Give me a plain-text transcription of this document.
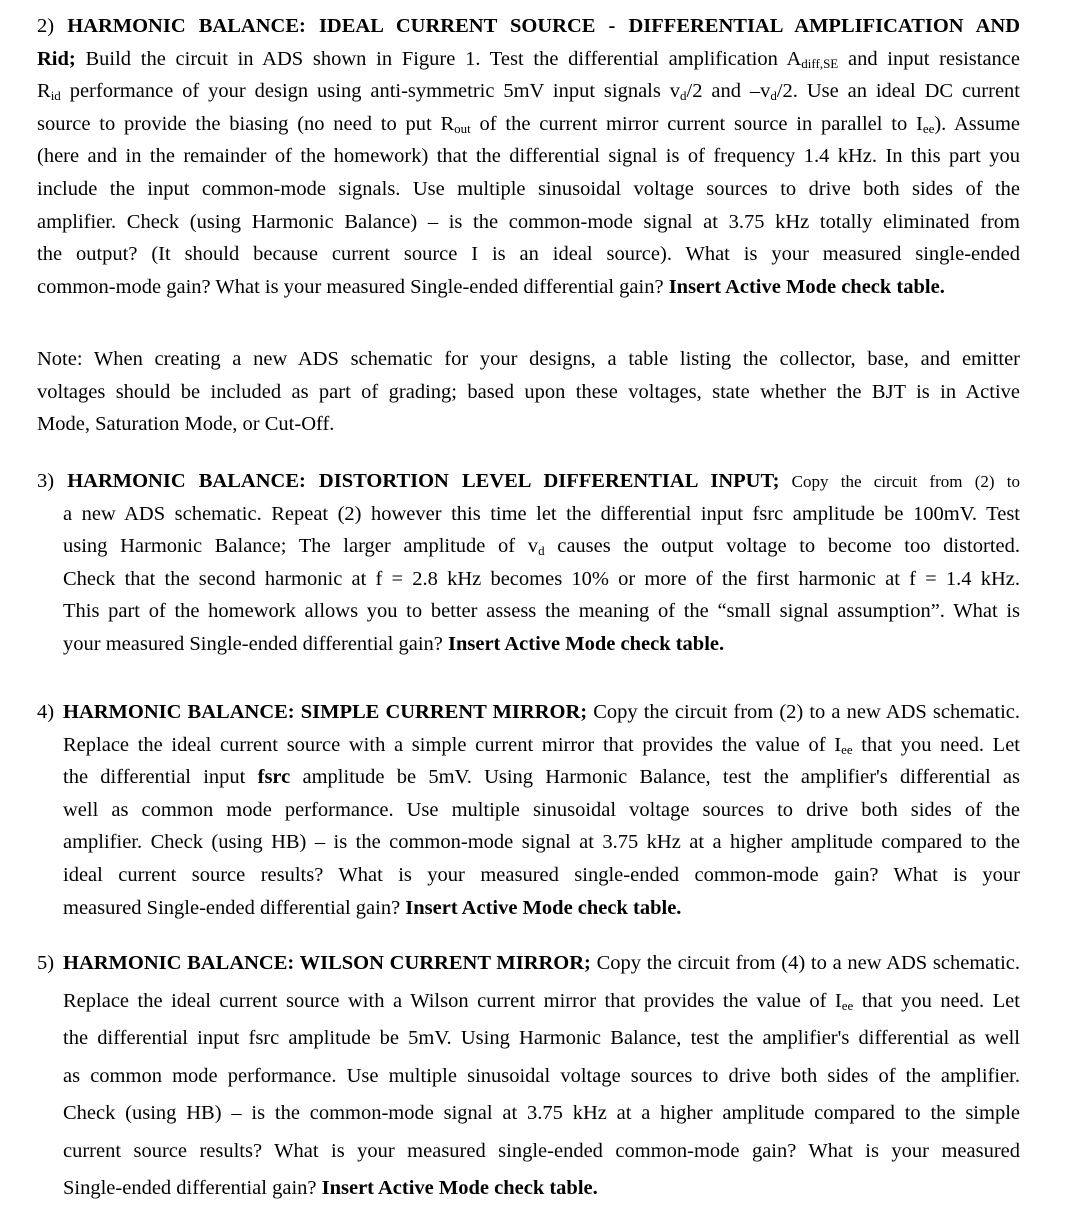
2) HARMONIC BALANCE: IDEAL CURRENT SOURCE - DIFFERENTIAL AMPLIFICATION AND
Rid; Build the circuit in ADS shown in Figure 1. Test the differential amplification $A_{diff,SE}$ and input resistance
$R_{id}$ performance of your design using anti-symmetric 5mV input signals $v_d/2$ and $-v_d/2$. Use an ideal DC current
source to provide the biasing (no need to put $R_{out}$ of the current mirror current source in parallel to $I_{ee}$). Assume
(here and in the remainder of the homework) that the differential signal is of frequency 1.4 kHz. In this part you
include the input common-mode signals. Use multiple sinusoidal voltage sources to drive both sides of the
amplifier. Check (using Harmonic Balance) – is the common-mode signal at 3.75 kHz totally eliminated from
the output? (It should because current source I is an ideal source). What is your measured single-ended
common-mode gain? What is your measured Single-ended differential gain? Insert Active Mode check table.
Note: When creating a new ADS schematic for your designs, a table listing the collector, base, and emitter
voltages should be included as part of grading; based upon these voltages, state whether the BJT is in Active
Mode, Saturation Mode, or Cut-Off.
3) HARMONIC BALANCE: DISTORTION LEVEL DIFFERENTIAL INPUT; Copy the circuit from (2) to
a new ADS schematic. Repeat (2) however this time let the differential input fsrc amplitude be 100mV. Test
using Harmonic Balance; The larger amplitude of $v_d$ causes the output voltage to become too distorted.
Check that the second harmonic at f = 2.8 kHz becomes 10% or more of the first harmonic at f = 1.4 kHz.
This part of the homework allows you to better assess the meaning of the “small signal assumption”. What is
your measured Single-ended differential gain? Insert Active Mode check table.
4) HARMONIC BALANCE: SIMPLE CURRENT MIRROR; Copy the circuit from (2) to a new ADS schematic.
Replace the ideal current source with a simple current mirror that provides the value of $I_{ee}$ that you need. Let
the differential input fsrc amplitude be 5mV. Using Harmonic Balance, test the amplifier's differential as
well as common mode performance. Use multiple sinusoidal voltage sources to drive both sides of the
amplifier. Check (using HB) – is the common-mode signal at 3.75 kHz at a higher amplitude compared to the
ideal current source results? What is your measured single-ended common-mode gain? What is your
measured Single-ended differential gain? Insert Active Mode check table.
5) HARMONIC BALANCE: WILSON CURRENT MIRROR; Copy the circuit from (4) to a new ADS schematic.
Replace the ideal current source with a Wilson current mirror that provides the value of $I_{ee}$ that you need. Let
the differential input fsrc amplitude be 5mV. Using Harmonic Balance, test the amplifier's differential as well
as common mode performance. Use multiple sinusoidal voltage sources to drive both sides of the amplifier.
Check (using HB) – is the common-mode signal at 3.75 kHz at a higher amplitude compared to the simple
current source results? What is your measured single-ended common-mode gain? What is your measured
Single-ended differential gain? Insert Active Mode check table.
